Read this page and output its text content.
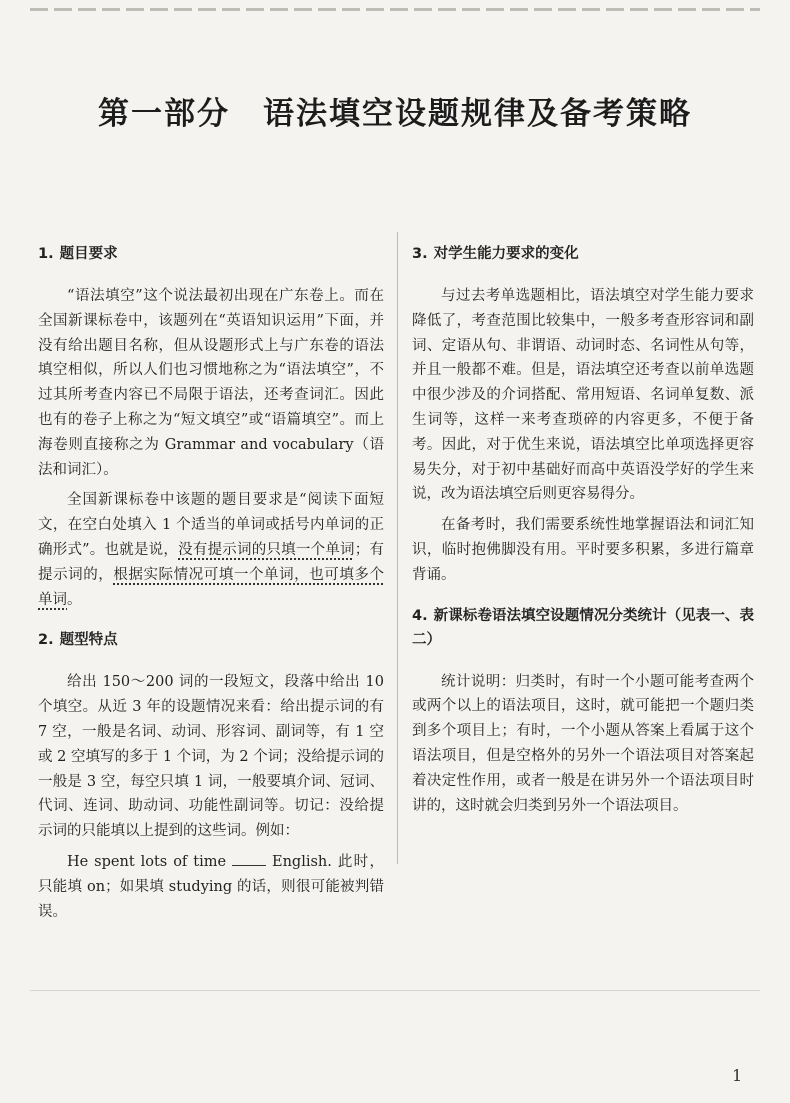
第一部分　语法填空设题规律及备考策略
1. 题目要求

“语法填空”这个说法最初出现在广东卷上。而在全国新课标卷中，该题列在“英语知识运用”下面，并没有给出题目名称，但从设题形式上与广东卷的语法填空相似，所以人们也习惯地称之为“语法填空”，不过其所考查内容已不局限于语法，还考查词汇。因此也有的卷子上称之为“短文填空”或“语篇填空”。而上海卷则直接称之为 Grammar and vocabulary（语法和词汇）。

全国新课标卷中该题的题目要求是“阅读下面短文，在空白处填入 1 个适当的单词或括号内单词的正确形式”。也就是说，没有提示词的只填一个单词；有提示词的，根据实际情况可填一个单词，也可填多个单词。

2. 题型特点

给出 150～200 词的一段短文，段落中给出 10 个填空。从近 3 年的设题情况来看：给出提示词的有 7 空，一般是名词、动词、形容词、副词等，有 1 空或 2 空填写的多于 1 个词，为 2 个词；没给提示词的一般是 3 空，每空只填 1 词，一般要填介词、冠词、代词、连词、助动词、功能性副词等。切记：没给提示词的只能填以上提到的这些词。例如：

He spent lots of time	English. 此时，只能填 on；如果填 studying 的话，则很可能被判错误。

3. 对学生能力要求的变化

与过去考单选题相比，语法填空对学生能力要求降低了，考查范围比较集中，一般多考查形容词和副词、定语从句、非谓语、动词时态、名词性从句等，并且一般都不难。但是，语法填空还考查以前单选题中很少涉及的介词搭配、常用短语、名词单复数、派生词等，这样一来考查琐碎的内容更多，不便于备考。因此，对于优生来说，语法填空比单项选择更容易失分，对于初中基础好而高中英语没学好的学生来说，改为语法填空后则更容易得分。

在备考时，我们需要系统性地掌握语法和词汇知识，临时抱佛脚没有用。平时要多积累，多进行篇章背诵。

4. 新课标卷语法填空设题情况分类统计（见表一、表二）

统计说明：归类时，有时一个小题可能考查两个或两个以上的语法项目，这时，就可能把一个题归类到多个项目上；有时，一个小题从答案上看属于这个语法项目，但是空格外的另外一个语法项目对答案起着决定性作用，或者一般是在讲另外一个语法项目时讲的，这时就会归类到另外一个语法项目。

1
